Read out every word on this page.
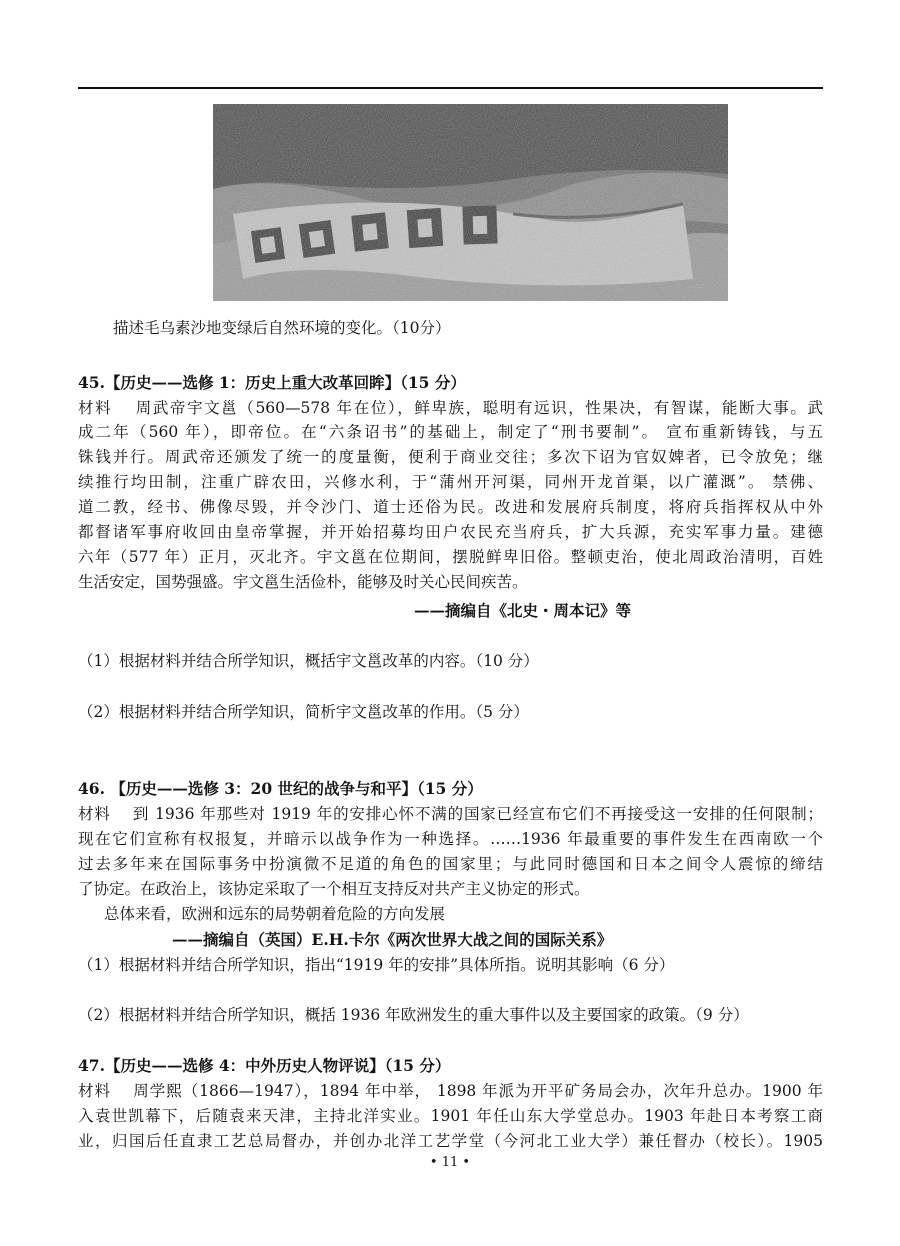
描述毛乌素沙地变绿后自然环境的变化。（10分）
45.【历史——选修 1：历史上重大改革回眸】（15 分）
材料　 周武帝宇文邕（560—578 年在位），鲜卑族，聪明有远识，性果决，有智谋，能断大事。武
成二年（560 年），即帝位。在“六条诏书”的基础上，制定了“刑书要制”。 宣布重新铸钱，与五
铢钱并行。周武帝还颁发了统一的度量衡，便利于商业交往；多次下诏为官奴婢者，已令放免；继
续推行均田制，注重广辟农田，兴修水利，于“蒲州开河渠，同州开龙首渠，以广灌溉”。 禁佛、
道二教，经书、佛像尽毁，并令沙门、道士还俗为民。改进和发展府兵制度，将府兵指挥权从中外
都督诸军事府收回由皇帝掌握，并开始招募均田户农民充当府兵，扩大兵源，充实军事力量。建德
六年（577 年）正月，灭北齐。宇文邕在位期间，摆脱鲜卑旧俗。整顿吏治，使北周政治清明，百姓
生活安定，国势强盛。宇文邕生活俭朴，能够及时关心民间疾苦。
——摘编自《北史・周本记》等
（1）根据材料并结合所学知识，概括宇文邕改革的内容。（10 分）
（2）根据材料并结合所学知识，简析宇文邕改革的作用。（5 分）
46. 【历史——选修 3：20 世纪的战争与和平】（15 分）
材料　 到 1936 年那些对 1919 年的安排心怀不满的国家已经宣布它们不再接受这一安排的任何限制；
现在它们宣称有权报复，并暗示以战争作为一种选择。……1936 年最重要的事件发生在西南欧一个
过去多年来在国际事务中扮演微不足道的角色的国家里；与此同时德国和日本之间令人震惊的缔结
了协定。在政治上，该协定采取了一个相互支持反对共产主义协定的形式。
总体来看，欧洲和远东的局势朝着危险的方向发展
——摘编自（英国）E.H.卡尔《两次世界大战之间的国际关系》
（1）根据材料并结合所学知识，指出“1919 年的安排”具体所指。说明其影响（6 分）
（2）根据材料并结合所学知识，概括 1936 年欧洲发生的重大事件以及主要国家的政策。（9 分）
47.【历史——选修 4：中外历史人物评说】（15 分）
材料　 周学熙（1866—1947），1894 年中举， 1898 年派为开平矿务局会办，次年升总办。1900 年
入袁世凯幕下，后随袁来天津，主持北洋实业。1901 年任山东大学堂总办。1903 年赴日本考察工商
业，归国后任直隶工艺总局督办，并创办北洋工艺学堂（今河北工业大学）兼任督办（校长）。1905
• 11 •
